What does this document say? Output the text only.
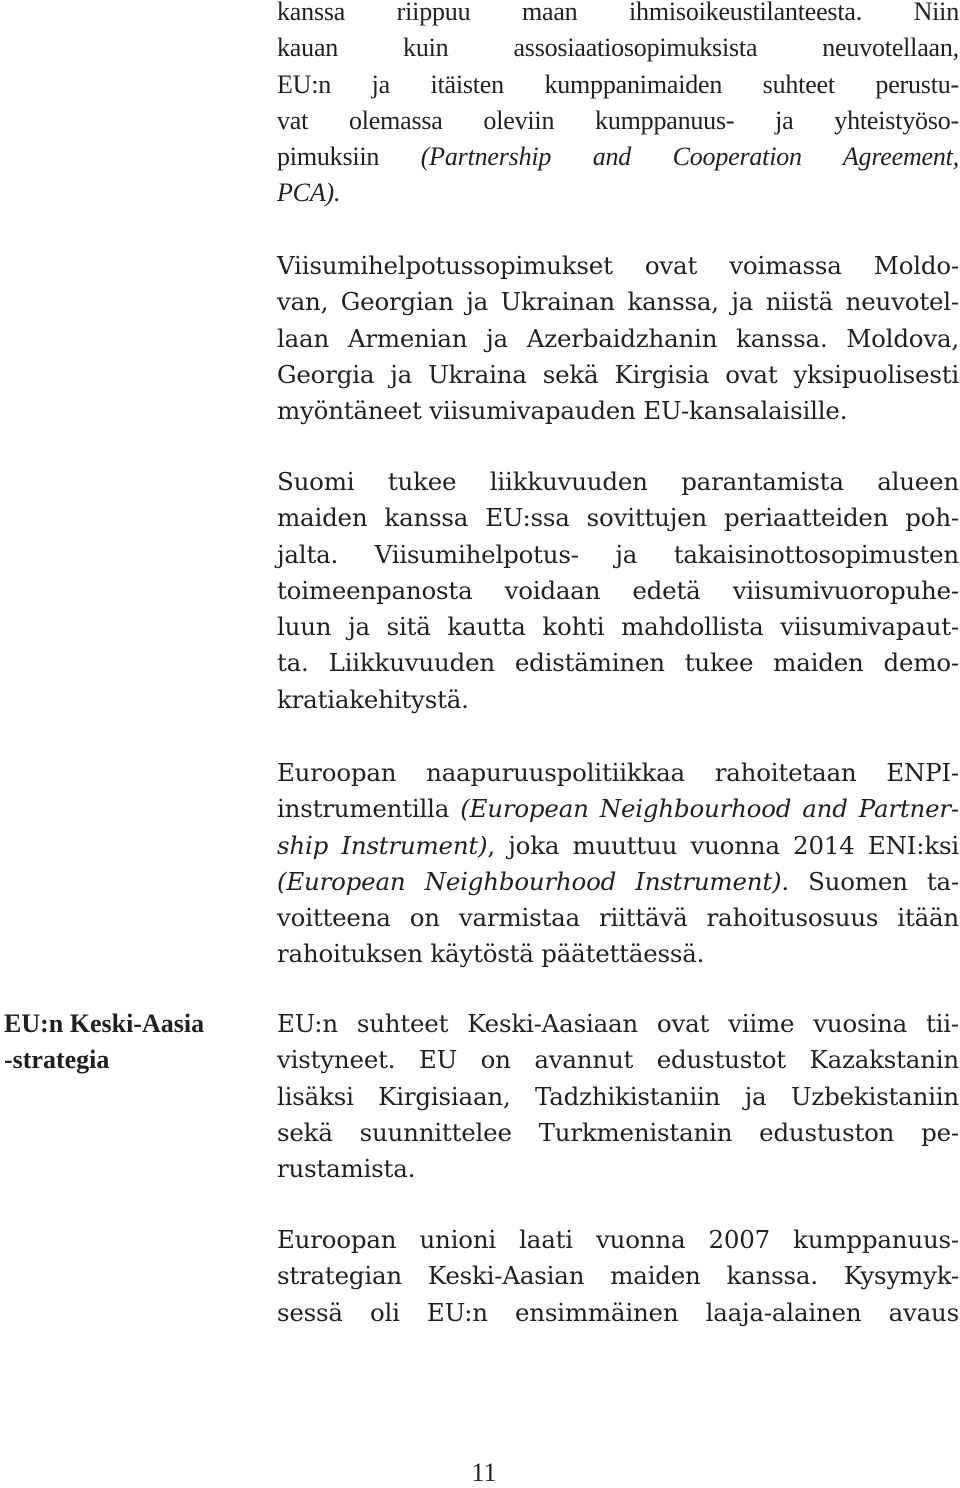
EU:n Keski-Aasia
-strategia

kanssa riippuu maan ihmisoikeustilanteesta. Niin
kauan kuin assosiaatiosopimuksista neuvotellaan,
EU:n ja itäisten kumppanimaiden suhteet perustu-
vat olemassa oleviin kumppanuus- ja yhteistyöso-
pimuksiin (Partnership and Cooperation Agreement,
PCA).

Viisumihelpotussopimukset ovat voimassa Moldo-
van, Georgian ja Ukrainan kanssa, ja niistä neuvotel-
laan Armenian ja Azerbaidzhanin kanssa. Moldova,
Georgia ja Ukraina sekä Kirgisia ovat yksipuolisesti
myöntäneet viisumivapauden EU-kansalaisille.

Suomi tukee liikkuvuuden parantamista alueen
maiden kanssa EU:ssa sovittujen periaatteiden poh-
jalta. Viisumihelpotus- ja takaisinottosopimusten
toimeenpanosta voidaan edetä viisumivuoropuhe-
luun ja sitä kautta kohti mahdollista viisumivapaut-
ta. Liikkuvuuden edistäminen tukee maiden demo-
kratiakehitystä.

Euroopan naapuruuspolitiikkaa rahoitetaan ENPI-
instrumentilla (European Neighbourhood and Partner-
ship Instrument), joka muuttuu vuonna 2014 ENI:ksi
(European Neighbourhood Instrument). Suomen ta-
voitteena on varmistaa riittävä rahoitusosuus itään
rahoituksen käytöstä päätettäessä.

EU:n suhteet Keski-Aasiaan ovat viime vuosina tii-
vistyneet. EU on avannut edustustot Kazakstanin
lisäksi Kirgisiaan, Tadzhikistaniin ja Uzbekistaniin
sekä suunnittelee Turkmenistanin edustuston pe-
rustamista.

Euroopan unioni laati vuonna 2007 kumppanuus-
strategian Keski-Aasian maiden kanssa. Kysymyk-
sessä oli EU:n ensimmäinen laaja-alainen avaus

11
